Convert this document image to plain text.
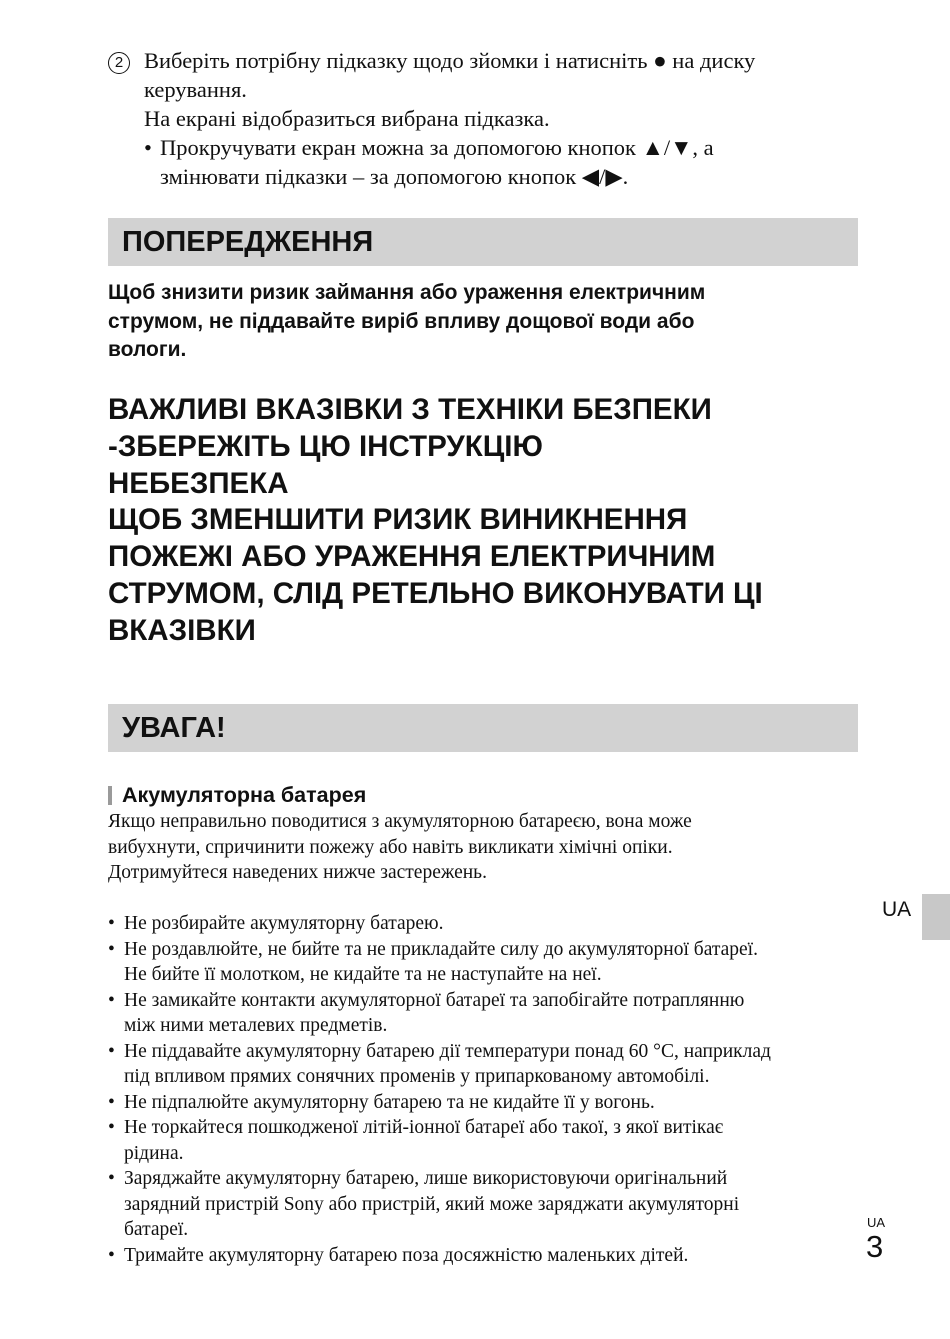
2 Виберіть потрібну підказку щодо зйомки і натисніть ● на диску

керування.

На екрані відобразиться вибрана підказка.

• Прокручувати екран можна за допомогою кнопок ▲/▼, а

змінювати підказки – за допомогою кнопок ◀/▶.

ПОПЕРЕДЖЕННЯ
Щоб знизити ризик займання або ураження електричним
струмом, не піддавайте виріб впливу дощової води або
вологи.
ВАЖЛИВІ ВКАЗІВКИ З ТЕХНІКИ БЕЗПЕКИ
-ЗБЕРЕЖІТЬ ЦЮ ІНСТРУКЦІЮ
НЕБЕЗПЕКА
ЩОБ ЗМЕНШИТИ РИЗИК ВИНИКНЕННЯ
ПОЖЕЖІ АБО УРАЖЕННЯ ЕЛЕКТРИЧНИМ
СТРУМОМ, СЛІД РЕТЕЛЬНО ВИКОНУВАТИ ЦІ
ВКАЗІВКИ
УВАГА!
Акумуляторна батарея
Якщо неправильно поводитися з акумуляторною батареєю, вона може
вибухнути, спричинити пожежу або навіть викликати хімічні опіки.
Дотримуйтеся наведених нижче застережень.
• Не розбирайте акумуляторну батарею.
• Не роздавлюйте, не бийте та не прикладайте силу до акумуляторної батареї.
Не бийте її молотком, не кидайте та не наступайте на неї.
• Не замикайте контакти акумуляторної батареї та запобігайте потраплянню
між ними металевих предметів.
• Не піддавайте акумуляторну батарею дії температури понад 60 °C, наприклад
під впливом прямих сонячних променів у припаркованому автомобілі.
• Не підпалюйте акумуляторну батарею та не кидайте її у вогонь.
• Не торкайтеся пошкодженої літій-іонної батареї або такої, з якої витікає
рідина.
• Заряджайте акумуляторну батарею, лише використовуючи оригінальний
зарядний пристрій Sony або пристрій, який може заряджати акумуляторні
батареї.
• Тримайте акумуляторну батарею поза досяжністю маленьких дітей.
UA
UA
3
